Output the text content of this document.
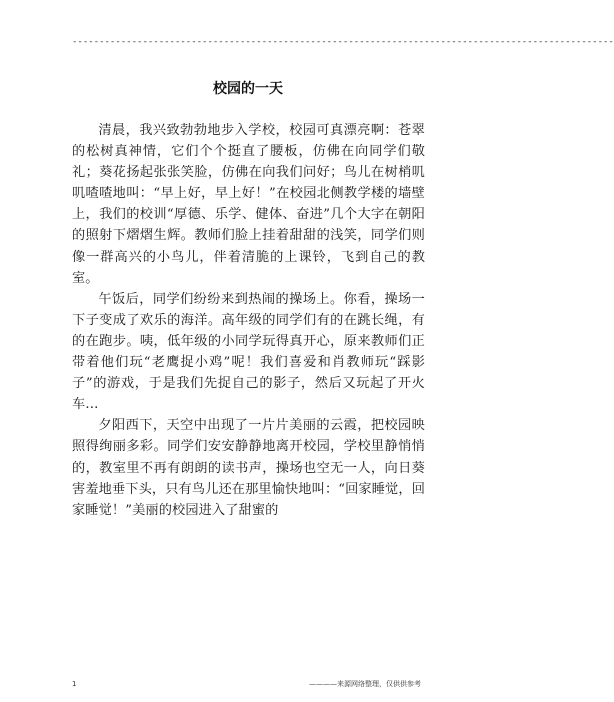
----------------------------------------------------------------------------------------------------
校园的一天

清晨，我兴致勃勃地步入学校，校园可真漂亮啊：苍翠的松树真神情，它们个个挺直了腰板，仿佛在向同学们敬礼；葵花扬起张张笑脸，仿佛在向我们问好；鸟儿在树梢叽叽喳喳地叫：“早上好，早上好！”在校园北侧教学楼的墙壁上，我们的校训“厚德、乐学、健体、奋进”几个大字在朝阳的照射下熠熠生辉。教师们脸上挂着甜甜的浅笑，同学们则像一群高兴的小鸟儿，伴着清脆的上课铃，飞到自己的教室。

午饭后，同学们纷纷来到热闹的操场上。你看，操场一下子变成了欢乐的海洋。高年级的同学们有的在跳长绳，有的在跑步。咦，低年级的小同学玩得真开心，原来教师们正带着他们玩“老鹰捉小鸡”呢！我们喜爱和肖教师玩“踩影子”的游戏，于是我们先捉自己的影子，然后又玩起了开火车…

夕阳西下，天空中出现了一片片美丽的云霞，把校园映照得绚丽多彩。同学们安安静静地离开校园，学校里静悄悄的，教室里不再有朗朗的读书声，操场也空无一人，向日葵害羞地垂下头，只有鸟儿还在那里愉快地叫：“回家睡觉，回家睡觉！”美丽的校园进入了甜蜜的

1	————来源网络整理，仅供供参考
